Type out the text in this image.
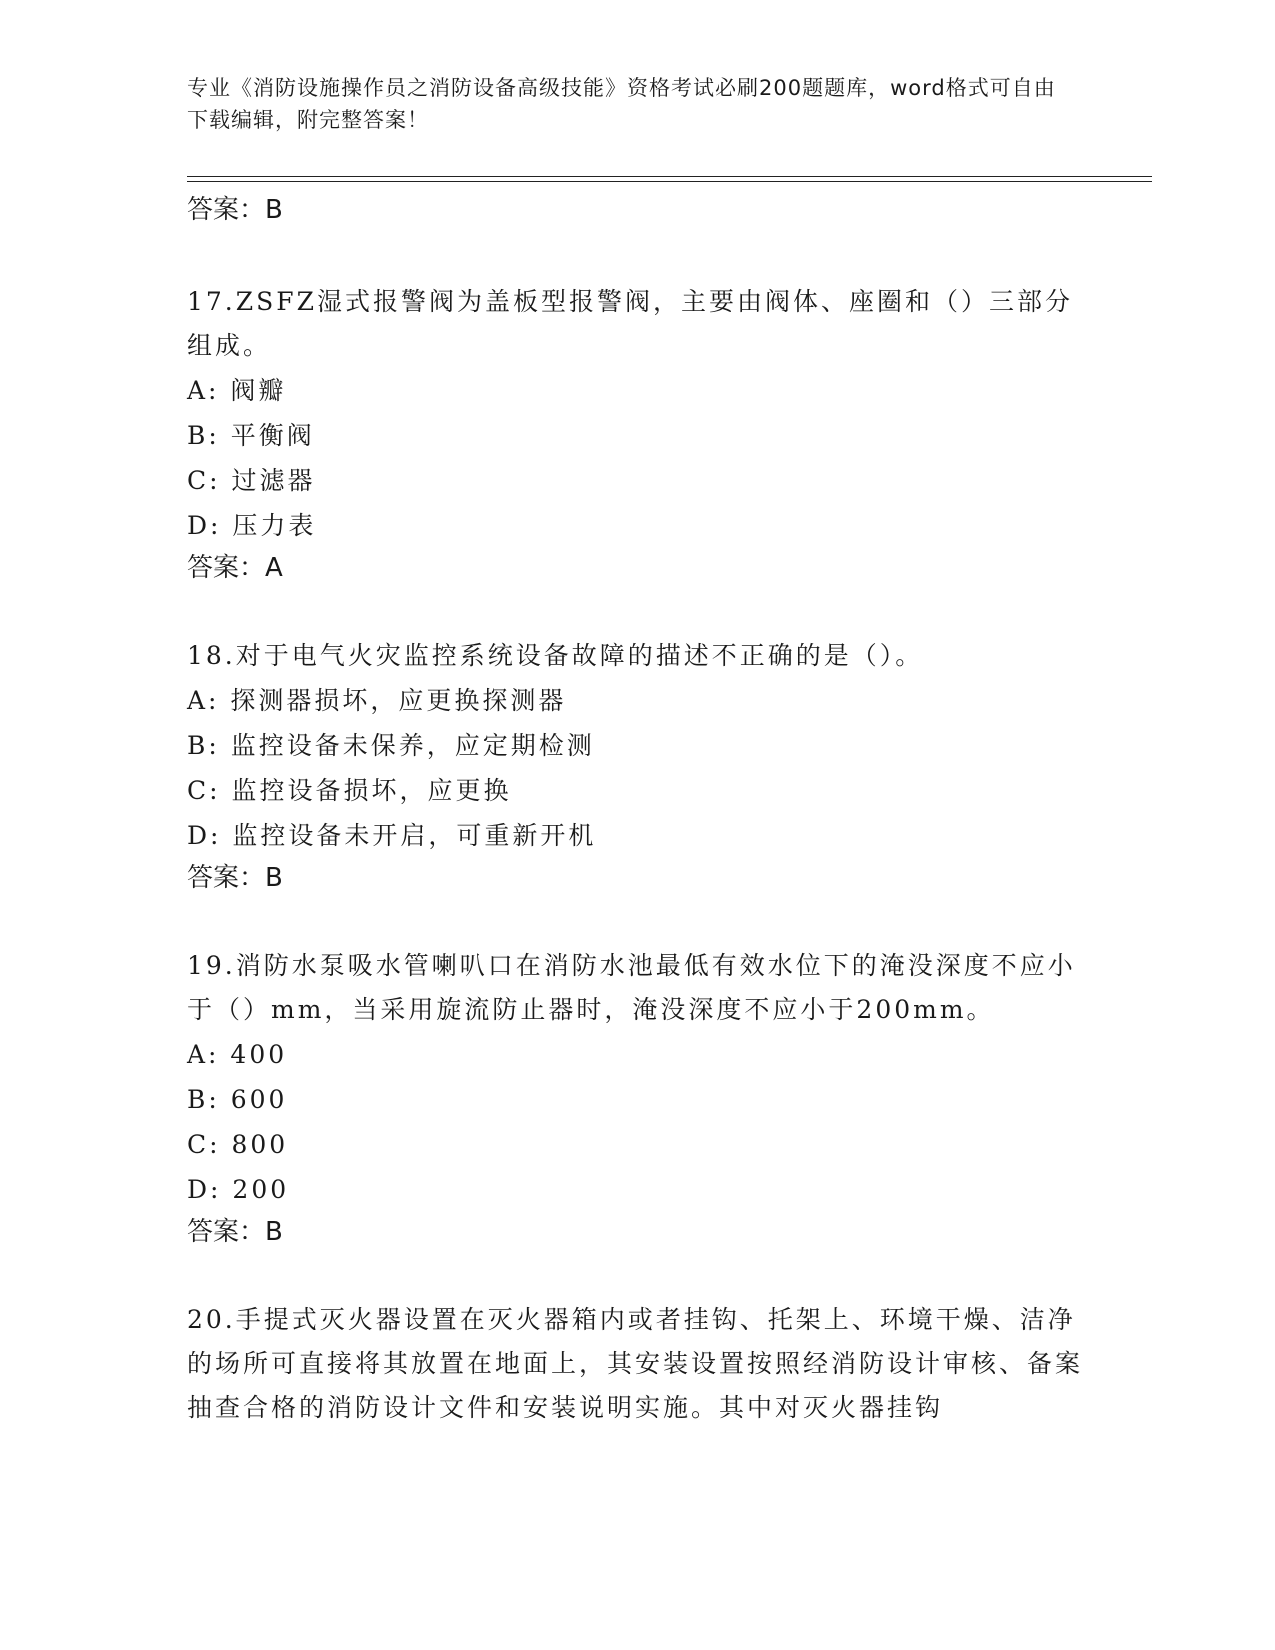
专业《消防设施操作员之消防设备高级技能》资格考试必刷200题题库，word格式可自由下载编辑，附完整答案！
答案：B
17.ZSFZ湿式报警阀为盖板型报警阀，主要由阀体、座圈和（）三部分组成。
A: 阀瓣
B: 平衡阀
C: 过滤器
D: 压力表
答案：A
18.对于电气火灾监控系统设备故障的描述不正确的是（）。
A: 探测器损坏，应更换探测器
B: 监控设备未保养，应定期检测
C: 监控设备损坏，应更换
D: 监控设备未开启，可重新开机
答案：B
19.消防水泵吸水管喇叭口在消防水池最低有效水位下的淹没深度不应小于（）mm，当采用旋流防止器时，淹没深度不应小于200mm。
A: 400
B: 600
C: 800
D: 200
答案：B
20.手提式灭火器设置在灭火器箱内或者挂钩、托架上、环境干燥、洁净的场所可直接将其放置在地面上，其安装设置按照经消防设计审核、备案抽查合格的消防设计文件和安装说明实施。其中对灭火器挂钩
